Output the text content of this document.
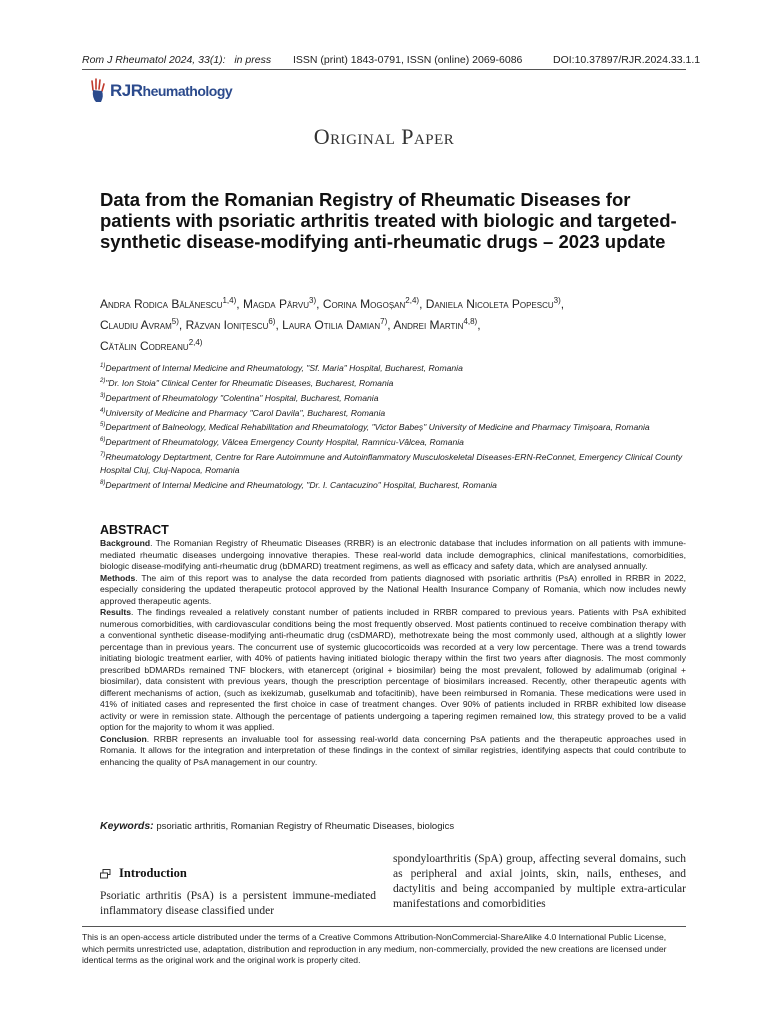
Rom J Rheumatol 2024, 33(1): in press ISSN (print) 1843-0791, ISSN (online) 2069-6086	DOI:10.37897/RJR.2024.33.1.1
RJRheumathology
Original Paper
Data from the Romanian Registry of Rheumatic Diseases for patients with psoriatic arthritis treated with biologic and targeted-synthetic disease-modifying anti-rheumatic drugs – 2023 update
Andra Rodica Bălănescu$^{1,4)}$, Magda Pârvu$^{3)}$, Corina Mogoșan$^{2,4)}$, Daniela Nicoleta Popescu$^{3)}$,
Claudiu Avram$^{5)}$, Răzvan Ionițescu$^{6)}$, Laura Otilia Damian$^{7)}$, Andrei Martin$^{4,8)}$,
Cătălin Codreanu$^{2,4)}$

$^{1)}$Department of Internal Medicine and Rheumatology, "Sf. Maria" Hospital, Bucharest, Romania

$^{2)}$"Dr. Ion Stoia" Clinical Center for Rheumatic Diseases, Bucharest, Romania

$^{3)}$Department of Rheumatology "Colentina" Hospital, Bucharest, Romania

$^{4)}$University of Medicine and Pharmacy "Carol Davila", Bucharest, Romania

$^{5)}$Department of Balneology, Medical Rehabilitation and Rheumatology, "Victor Babeș" University of Medicine and Pharmacy Timișoara, Romania

$^{6)}$Department of Rheumatology, Vâlcea Emergency County Hospital, Ramnicu-Vâlcea, Romania

$^{7)}$Rheumatology Deptartment, Centre for Rare Autoimmune and Autoinflammatory Musculoskeletal Diseases-ERN-ReConnet, Emergency Clinical County Hospital Cluj, Cluj-Napoca, Romania

$^{8)}$Department of Internal Medicine and Rheumatology, "Dr. I. Cantacuzino" Hospital, Bucharest, Romania

ABSTRACT

Background. The Romanian Registry of Rheumatic Diseases (RRBR) is an electronic database that includes information on all patients with immune-mediated rheumatic diseases undergoing innovative therapies. These real-world data include demographics, clinical manifestations, comorbidities, biologic disease-modifying anti-rheumatic drug (bDMARD) treatment regimens, as well as efficacy and safety data, which are analysed annually.

Methods. The aim of this report was to analyse the data recorded from patients diagnosed with psoriatic arthritis (PsA) enrolled in RRBR in 2022, especially considering the updated therapeutic protocol approved by the National Health Insurance Company of Romania, which now includes newly approved therapeutic agents.

Results. The findings revealed a relatively constant number of patients included in RRBR compared to previous years. Patients with PsA exhibited numerous comorbidities, with cardiovascular conditions being the most frequently observed. Most patients continued to receive combination therapy with a conventional synthetic disease-modifying anti-rheumatic drug (csDMARD), methotrexate being the most commonly used, although at a slightly lower percentage than in previous years. The concurrent use of systemic glucocorticoids was recorded at a very low percentage. There was a trend towards initiating biologic treatment earlier, with 40% of patients having initiated biologic therapy within the first two years after diagnosis. The most commonly prescribed bDMARDs remained TNF blockers, with etanercept (original + biosimilar) being the most prevalent, followed by adalimumab (original + biosimilar), data consistent with previous years, though the prescription percentage of biosimilars increased. Recently, other therapeutic agents with different mechanisms of action, (such as ixekizumab, guselkumab and tofacitinib), have been reimbursed in Romania. These medications were used in 41% of initiated cases and represented the first choice in case of treatment changes. Over 90% of patients included in RRBR exhibited low disease activity or were in remission state. Although the percentage of patients undergoing a tapering regimen remained low, this strategy proved to be a valid option for the majority to whom it was applied.

Conclusion. RRBR represents an invaluable tool for assessing real-world data concerning PsA patients and the therapeutic approaches used in Romania. It allows for the integration and interpretation of these findings in the context of similar registries, identifying aspects that could contribute to enhancing the quality of PsA management in our country.

Keywords: psoriatic arthritis, Romanian Registry of Rheumatic Diseases, biologics
Introduction

Psoriatic arthritis (PsA) is a persistent immune-mediated inflammatory disease classified under

spondyloarthritis (SpA) group, affecting several domains, such as peripheral and axial joints, skin, nails, entheses, and dactylitis and being accompanied by multiple extra-articular manifestations and comorbidities

This is an open-access article distributed under the terms of a Creative Commons Attribution-NonCommercial-ShareAlike 4.0 International Public License, which permits unrestricted use, adaptation, distribution and reproduction in any medium, non-commercially, provided the new creations are licensed under identical terms as the original work and the original work is properly cited.
